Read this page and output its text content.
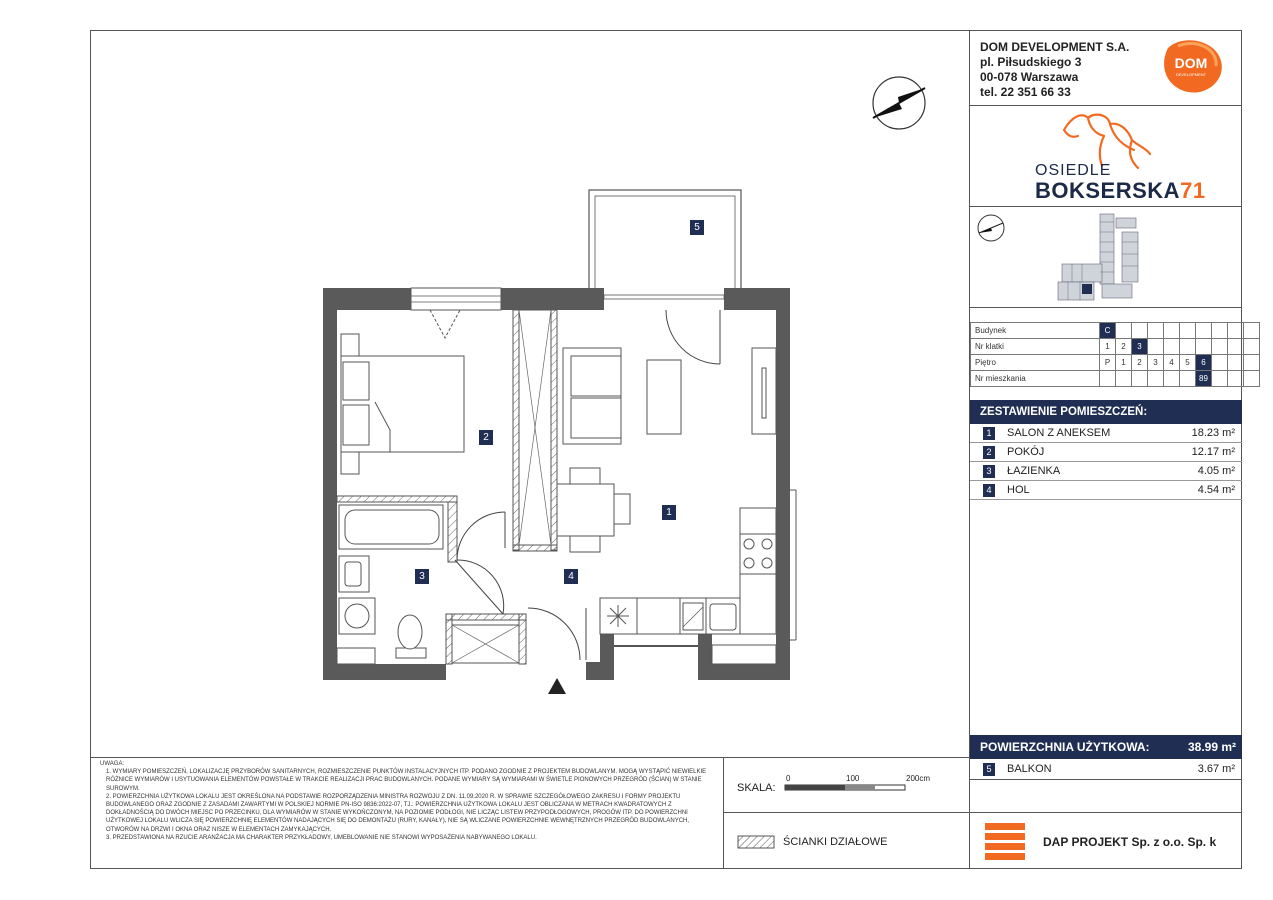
DOM DEVELOPMENT S.A.
pl. Piłsudskiego 3
00-078 Warszawa
tel. 22 351 66 33
DOM
DEVELOPMENT
OSIEDLE
BOKSERSKA71
Budynek	C									
Nr klatki	1	2	3							
Piętro	P	1	2	3	4	5	6			
Nr mieszkania							89			
ZESTAWIENIE POMIESZCZEŃ:
1	SALON Z ANEKSEM	18.23 m²
2	POKÓJ	12.17 m²
3	ŁAZIENKA	4.05 m²
4	HOL	4.54 m²
POWIERZCHNIA UŻYTKOWA:	38.99 m²
5	BALKON	3.67 m²
DAP PROJEKT Sp. z o.o. Sp. k
UWAGA:
1. WYMIARY POMIESZCZEŃ, LOKALIZACJĘ PRZYBORÓW SANITARNYCH, ROZMIESZCZENIE PUNKTÓW INSTALACYJNYCH ITP. PODANO ZGODNIE Z PROJEKTEM BUDOWLANYM. MOGĄ WYSTĄPIĆ NIEWIELKIE RÓŻNICE WYMIARÓW I USYTUOWANIA ELEMENTÓW POWSTAŁE W TRAKCIE REALIZACJI PRAC BUDOWLANYCH. PODANE WYMIARY SĄ WYMIARAMI W ŚWIETLE PIONOWYCH PRZEGRÓD (ŚCIAN) W STANIE SUROWYM.
2. POWIERZCHNIA UŻYTKOWA LOKALU JEST OKREŚLONA NA PODSTAWIE ROZPORZĄDZENIA MINISTRA ROZWOJU Z DN. 11.09.2020 R. W SPRAWIE SZCZEGÓŁOWEGO ZAKRESU I FORMY PROJEKTU BUDOWLANEGO ORAZ ZGODNIE Z ZASADAMI ZAWARTYMI W POLSKIEJ NORMIE PN-ISO 9836:2022-07, TJ.: POWIERZCHNIA UŻYTKOWA LOKALU JEST OBLICZANA W METRACH KWADRATOWYCH Z DOKŁADNOŚCIĄ DO DWÓCH MIEJSC PO PRZECINKU, DLA WYMIARÓW W STANIE WYKOŃCZONYM, NA POZIOMIE PODŁOGI, NIE LICZĄC LISTEW PRZYPODŁOGOWYCH, PROGÓW ITP. DO POWIERZCHNI UŻYTKOWEJ LOKALU WLICZA SIĘ POWIERZCHNIĘ ELEMENTÓW NADAJĄCYCH SIĘ DO DEMONTAŻU (RURY, KANAŁY), NIE SĄ WLICZANE POWIERZCHNIE WEWNĘTRZNYCH PRZEGRÓD BUDOWLANYCH, OTWORÓW NA DRZWI I OKNA ORAZ NISZE W ELEMENTACH ZAMYKAJĄCYCH.
3. PRZEDSTAWIONA NA RZUCIE ARANŻACJA MA CHARAKTER PRZYKŁADOWY, UMEBLOWANIE NIE STANOWI WYPOSAŻENIA NABYWANEGO LOKALU.
SKALA:
0	100	200cm
ŚCIANKI DZIAŁOWE
1
2
3	4
5
